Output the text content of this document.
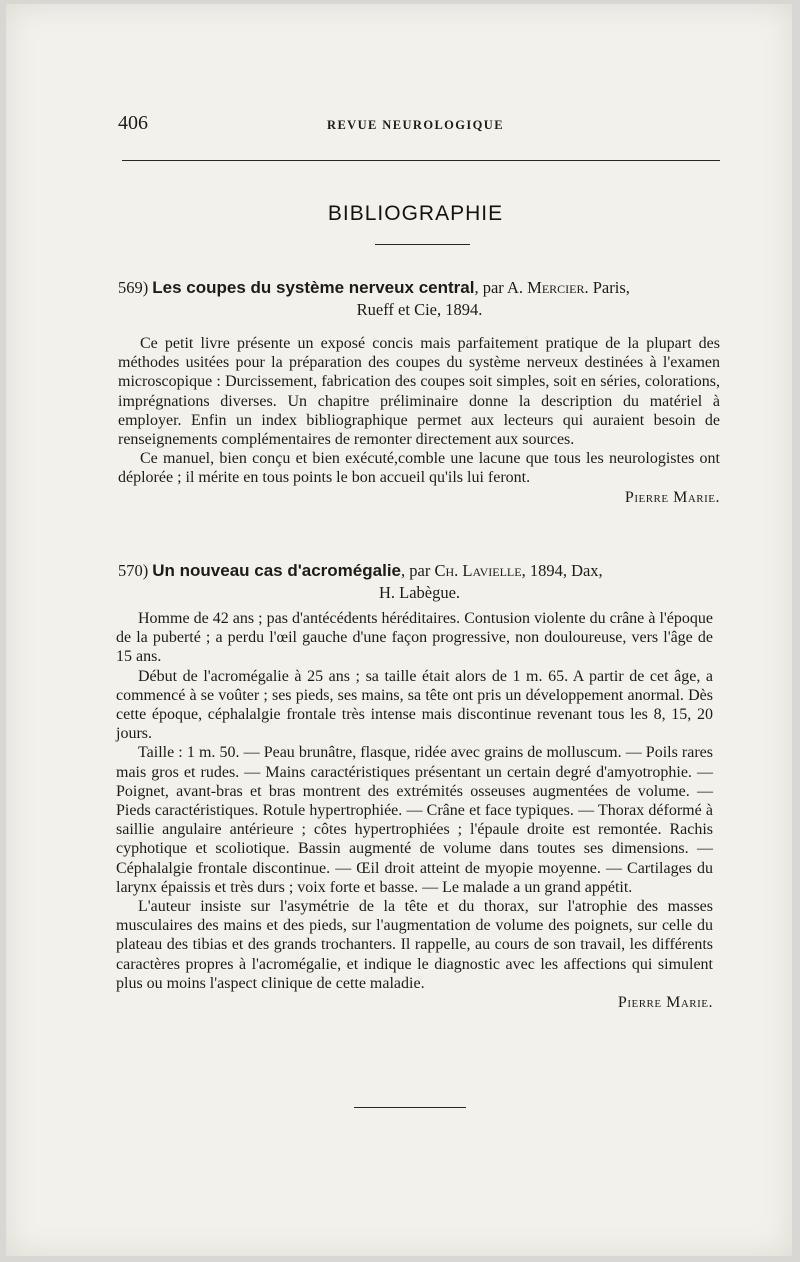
406	REVUE NEUROLOGIQUE
BIBLIOGRAPHIE
569) Les coupes du système nerveux central, par A. Mercier. Paris,
Rueff et Cie, 1894.

Ce petit livre présente un exposé concis mais parfaitement pratique de la plupart des méthodes usitées pour la préparation des coupes du système nerveux destinées à l'examen microscopique : Durcissement, fabrication des coupes soit simples, soit en séries, colorations, imprégnations diverses. Un chapitre préliminaire donne la description du matériel à employer. Enfin un index bibliographique permet aux lecteurs qui auraient besoin de renseignements complémentaires de remonter directement aux sources.

Ce manuel, bien conçu et bien exécuté,comble une lacune que tous les neurologistes ont déplorée ; il mérite en tous points le bon accueil qu'ils lui feront.

Pierre Marie.
570) Un nouveau cas d'acromégalie, par Ch. Lavielle, 1894, Dax,
H. Labègue.

Homme de 42 ans ; pas d'antécédents héréditaires. Contusion violente du crâne à l'époque de la puberté ; a perdu l'œil gauche d'une façon progressive, non douloureuse, vers l'âge de 15 ans.

Début de l'acromégalie à 25 ans ; sa taille était alors de 1 m. 65. A partir de cet âge, a commencé à se voûter ; ses pieds, ses mains, sa tête ont pris un développement anormal. Dès cette époque, céphalalgie frontale très intense mais discontinue revenant tous les 8, 15, 20 jours.

Taille : 1 m. 50. — Peau brunâtre, flasque, ridée avec grains de molluscum. — Poils rares mais gros et rudes. — Mains caractéristiques présentant un certain degré d'amyotrophie. — Poignet, avant-bras et bras montrent des extrémités osseuses augmentées de volume. — Pieds caractéristiques. Rotule hypertrophiée. — Crâne et face typiques. — Thorax déformé à saillie angulaire antérieure ; côtes hypertrophiées ; l'épaule droite est remontée. Rachis cyphotique et scoliotique. Bassin augmenté de volume dans toutes ses dimensions. — Céphalalgie frontale discontinue. — Œil droit atteint de myopie moyenne. — Cartilages du larynx épaissis et très durs ; voix forte et basse. — Le malade a un grand appétit.

L'auteur insiste sur l'asymétrie de la tête et du thorax, sur l'atrophie des masses musculaires des mains et des pieds, sur l'augmentation de volume des poignets, sur celle du plateau des tibias et des grands trochanters. Il rappelle, au cours de son travail, les différents caractères propres à l'acromégalie, et indique le diagnostic avec les affections qui simulent plus ou moins l'aspect clinique de cette maladie.

Pierre Marie.
